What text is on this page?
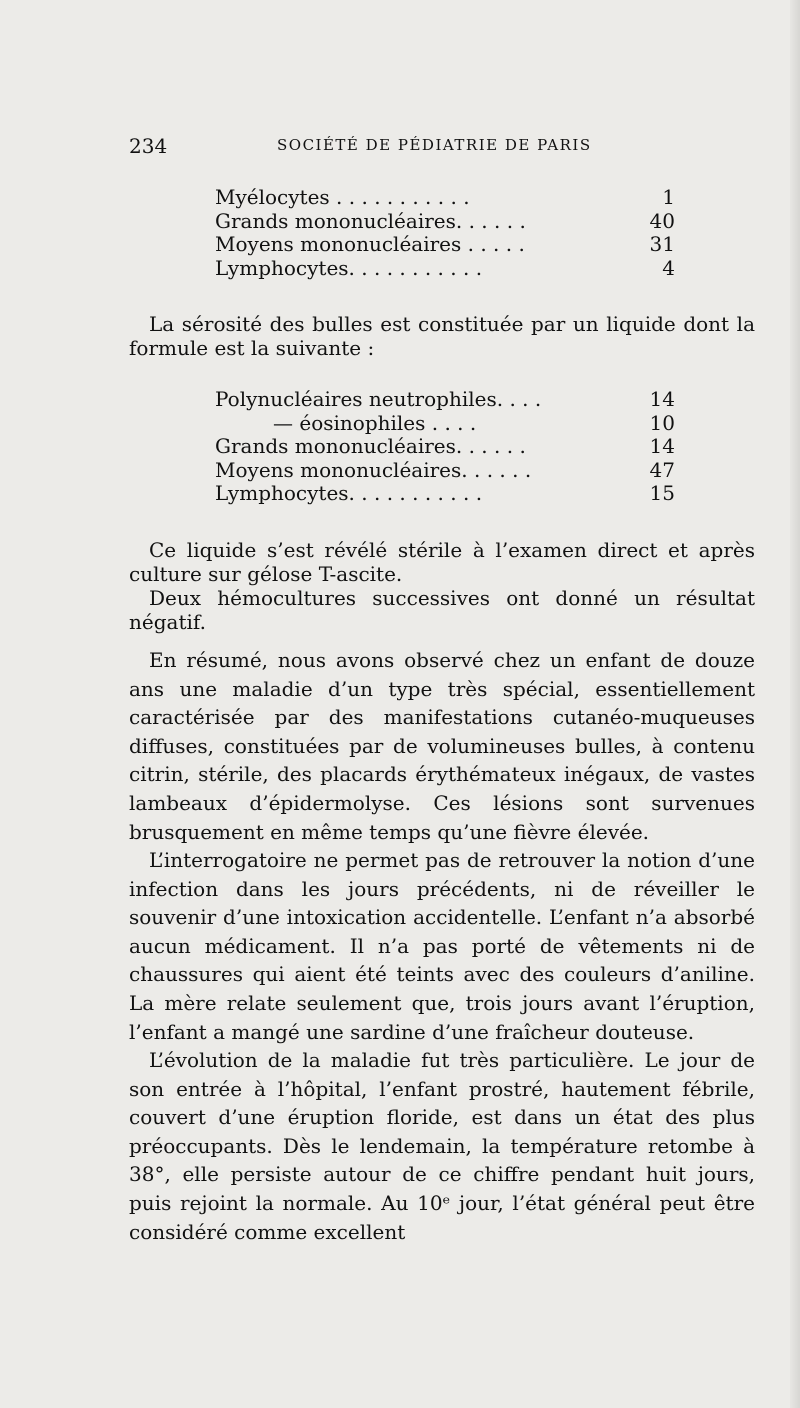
234	SOCIÉTÉ DE PÉDIATRIE DE PARIS
Myélocytes . . . . . . . . . . .	1
Grands mononucléaires. . . . . .	40
Moyens mononucléaires . . . . .	31
Lymphocytes. . . . . . . . . . .	4

La sérosité des bulles est constituée par un liquide dont la formule est la suivante :

Polynucléaires neutrophiles. . . .	14
— éosinophiles . . . .	10
Grands mononucléaires. . . . . .	14
Moyens mononucléaires. . . . . .	47
Lymphocytes. . . . . . . . . . .	15

Ce liquide s’est révélé stérile à l’examen direct et après culture sur gélose T-ascite.

Deux hémocultures successives ont donné un résultat négatif.

En résumé, nous avons observé chez un enfant de douze ans une maladie d’un type très spécial, essentiellement caractérisée par des manifestations cutanéo-muqueuses diffuses, constituées par de volumineuses bulles, à contenu citrin, stérile, des placards érythémateux inégaux, de vastes lambeaux d’épidermolyse. Ces lésions sont survenues brusquement en même temps qu’une fièvre élevée.

L’interrogatoire ne permet pas de retrouver la notion d’une infection dans les jours précédents, ni de réveiller le souvenir d’une intoxication accidentelle. L’enfant n’a absorbé aucun médicament. Il n’a pas porté de vêtements ni de chaussures qui aient été teints avec des couleurs d’aniline. La mère relate seulement que, trois jours avant l’éruption, l’enfant a mangé une sardine d’une fraîcheur douteuse.

L’évolution de la maladie fut très particulière. Le jour de son entrée à l’hôpital, l’enfant prostré, hautement fébrile, couvert d’une éruption floride, est dans un état des plus préoccupants. Dès le lendemain, la température retombe à 38°, elle persiste autour de ce chiffre pendant huit jours, puis rejoint la normale. Au 10ᵉ jour, l’état général peut être considéré comme excellent
